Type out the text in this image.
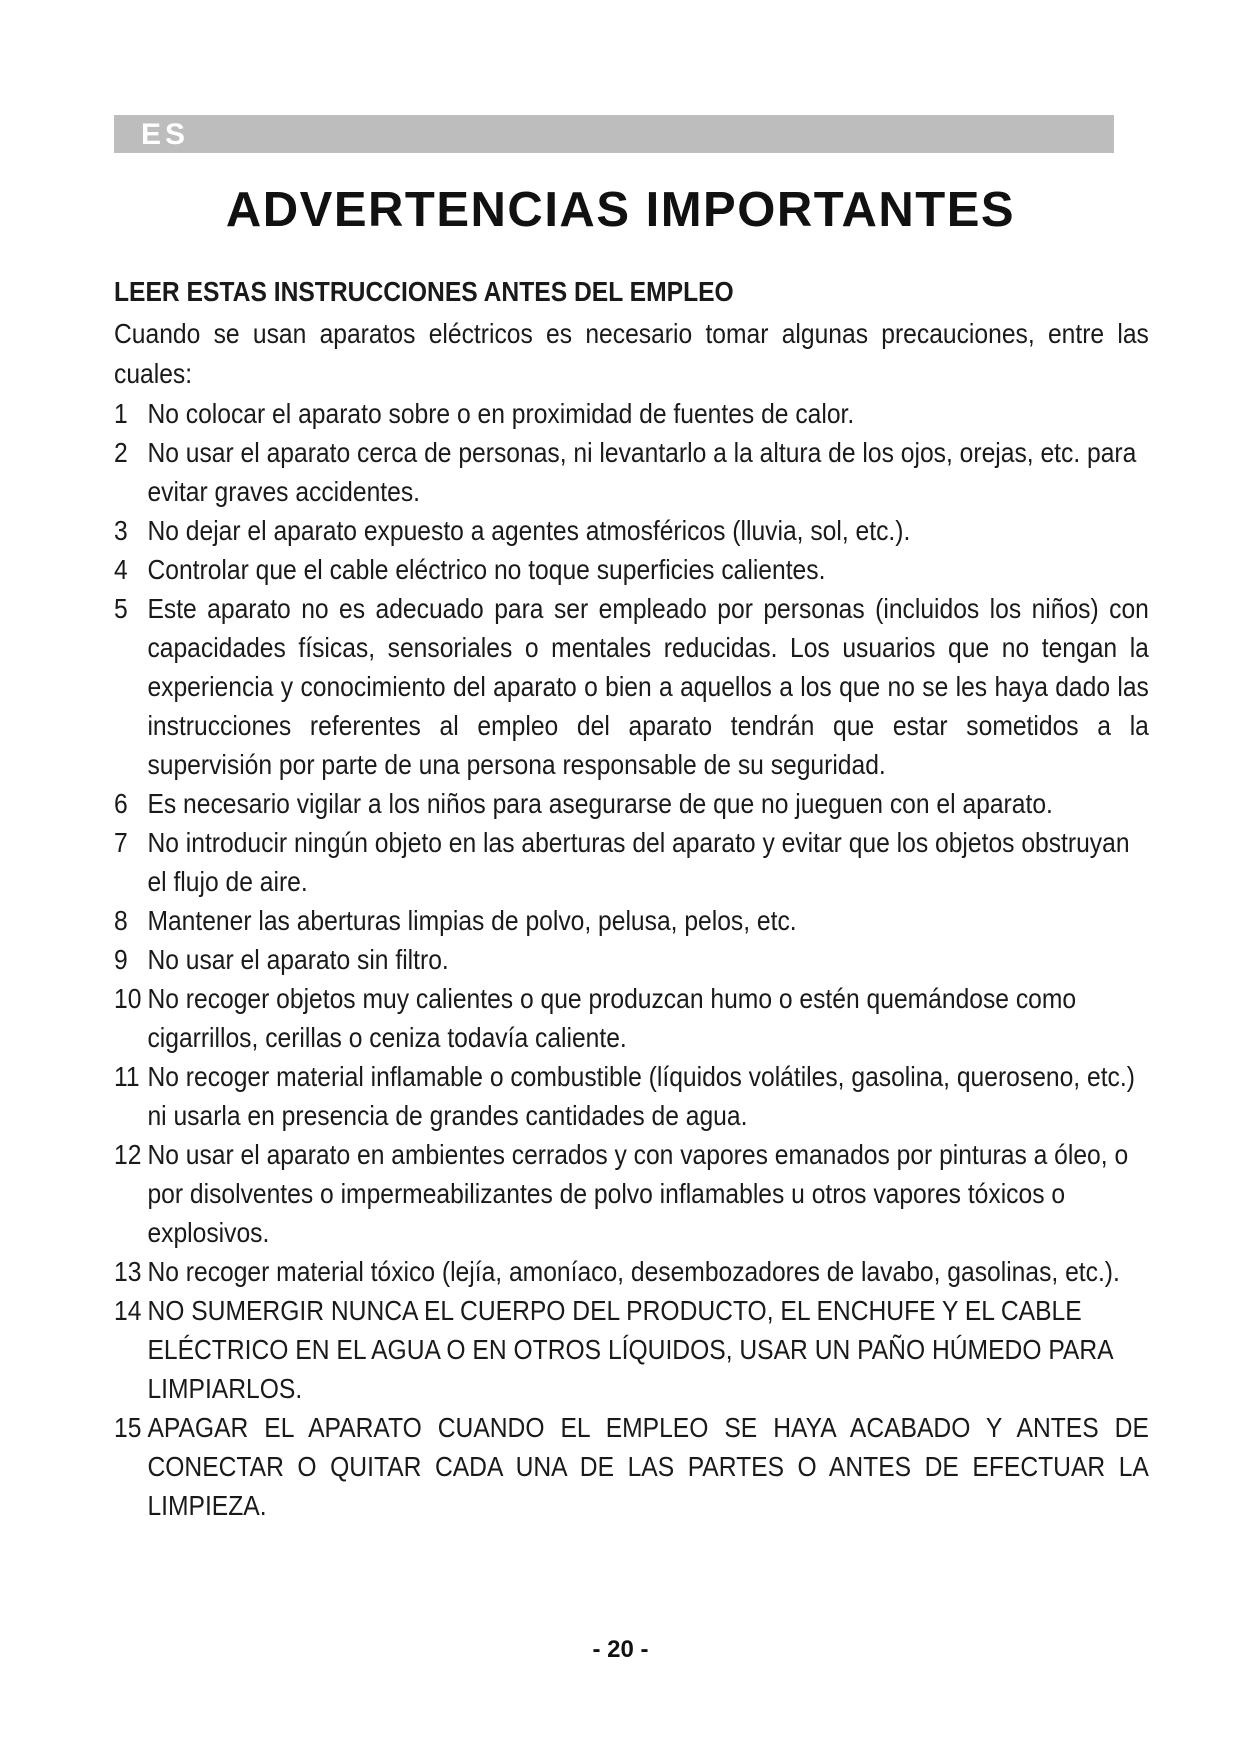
ES
ADVERTENCIAS IMPORTANTES
LEER ESTAS INSTRUCCIONES ANTES DEL EMPLEO

Cuando se usan aparatos eléctricos es necesario tomar algunas precauciones, entre las cuales:

1 No colocar el aparato sobre o en proximidad de fuentes de calor.
2 No usar el aparato cerca de personas, ni levantarlo a la altura de los ojos, orejas, etc. para evitar graves accidentes.
3 No dejar el aparato expuesto a agentes atmosféricos (lluvia, sol, etc.).
4 Controlar que el cable eléctrico no toque superficies calientes.
5 Este aparato no es adecuado para ser empleado por personas (incluidos los niños) con capacidades físicas, sensoriales o mentales reducidas. Los usuarios que no tengan la experiencia y conocimiento del aparato o bien a aquellos a los que no se les haya dado las instrucciones referentes al empleo del aparato tendrán que estar sometidos a la supervisión por parte de una persona responsable de su seguridad.
6 Es necesario vigilar a los niños para asegurarse de que no jueguen con el aparato.
7 No introducir ningún objeto en las aberturas del aparato y evitar que los objetos obstruyan el flujo de aire.
8 Mantener las aberturas limpias de polvo, pelusa, pelos, etc.
9 No usar el aparato sin filtro.
10 No recoger objetos muy calientes o que produzcan humo o estén quemándose como cigarrillos, cerillas o ceniza todavía caliente.
11 No recoger material inflamable o combustible (líquidos volátiles, gasolina, queroseno, etc.) ni usarla en presencia de grandes cantidades de agua.
12 No usar el aparato en ambientes cerrados y con vapores emanados por pinturas a óleo, o por disolventes o impermeabilizantes de polvo inflamables u otros vapores tóxicos o explosivos.
13 No recoger material tóxico (lejía, amoníaco, desembozadores de lavabo, gasolinas, etc.).
14 NO SUMERGIR NUNCA EL CUERPO DEL PRODUCTO, EL ENCHUFE Y EL CABLE ELÉCTRICO EN EL AGUA O EN OTROS LÍQUIDOS, USAR UN PAÑO HÚMEDO PARA LIMPIARLOS.
15 APAGAR EL APARATO CUANDO EL EMPLEO SE HAYA ACABADO Y ANTES DE CONECTAR O QUITAR CADA UNA DE LAS PARTES O ANTES DE EFECTUAR LA LIMPIEZA.
- 20 -
